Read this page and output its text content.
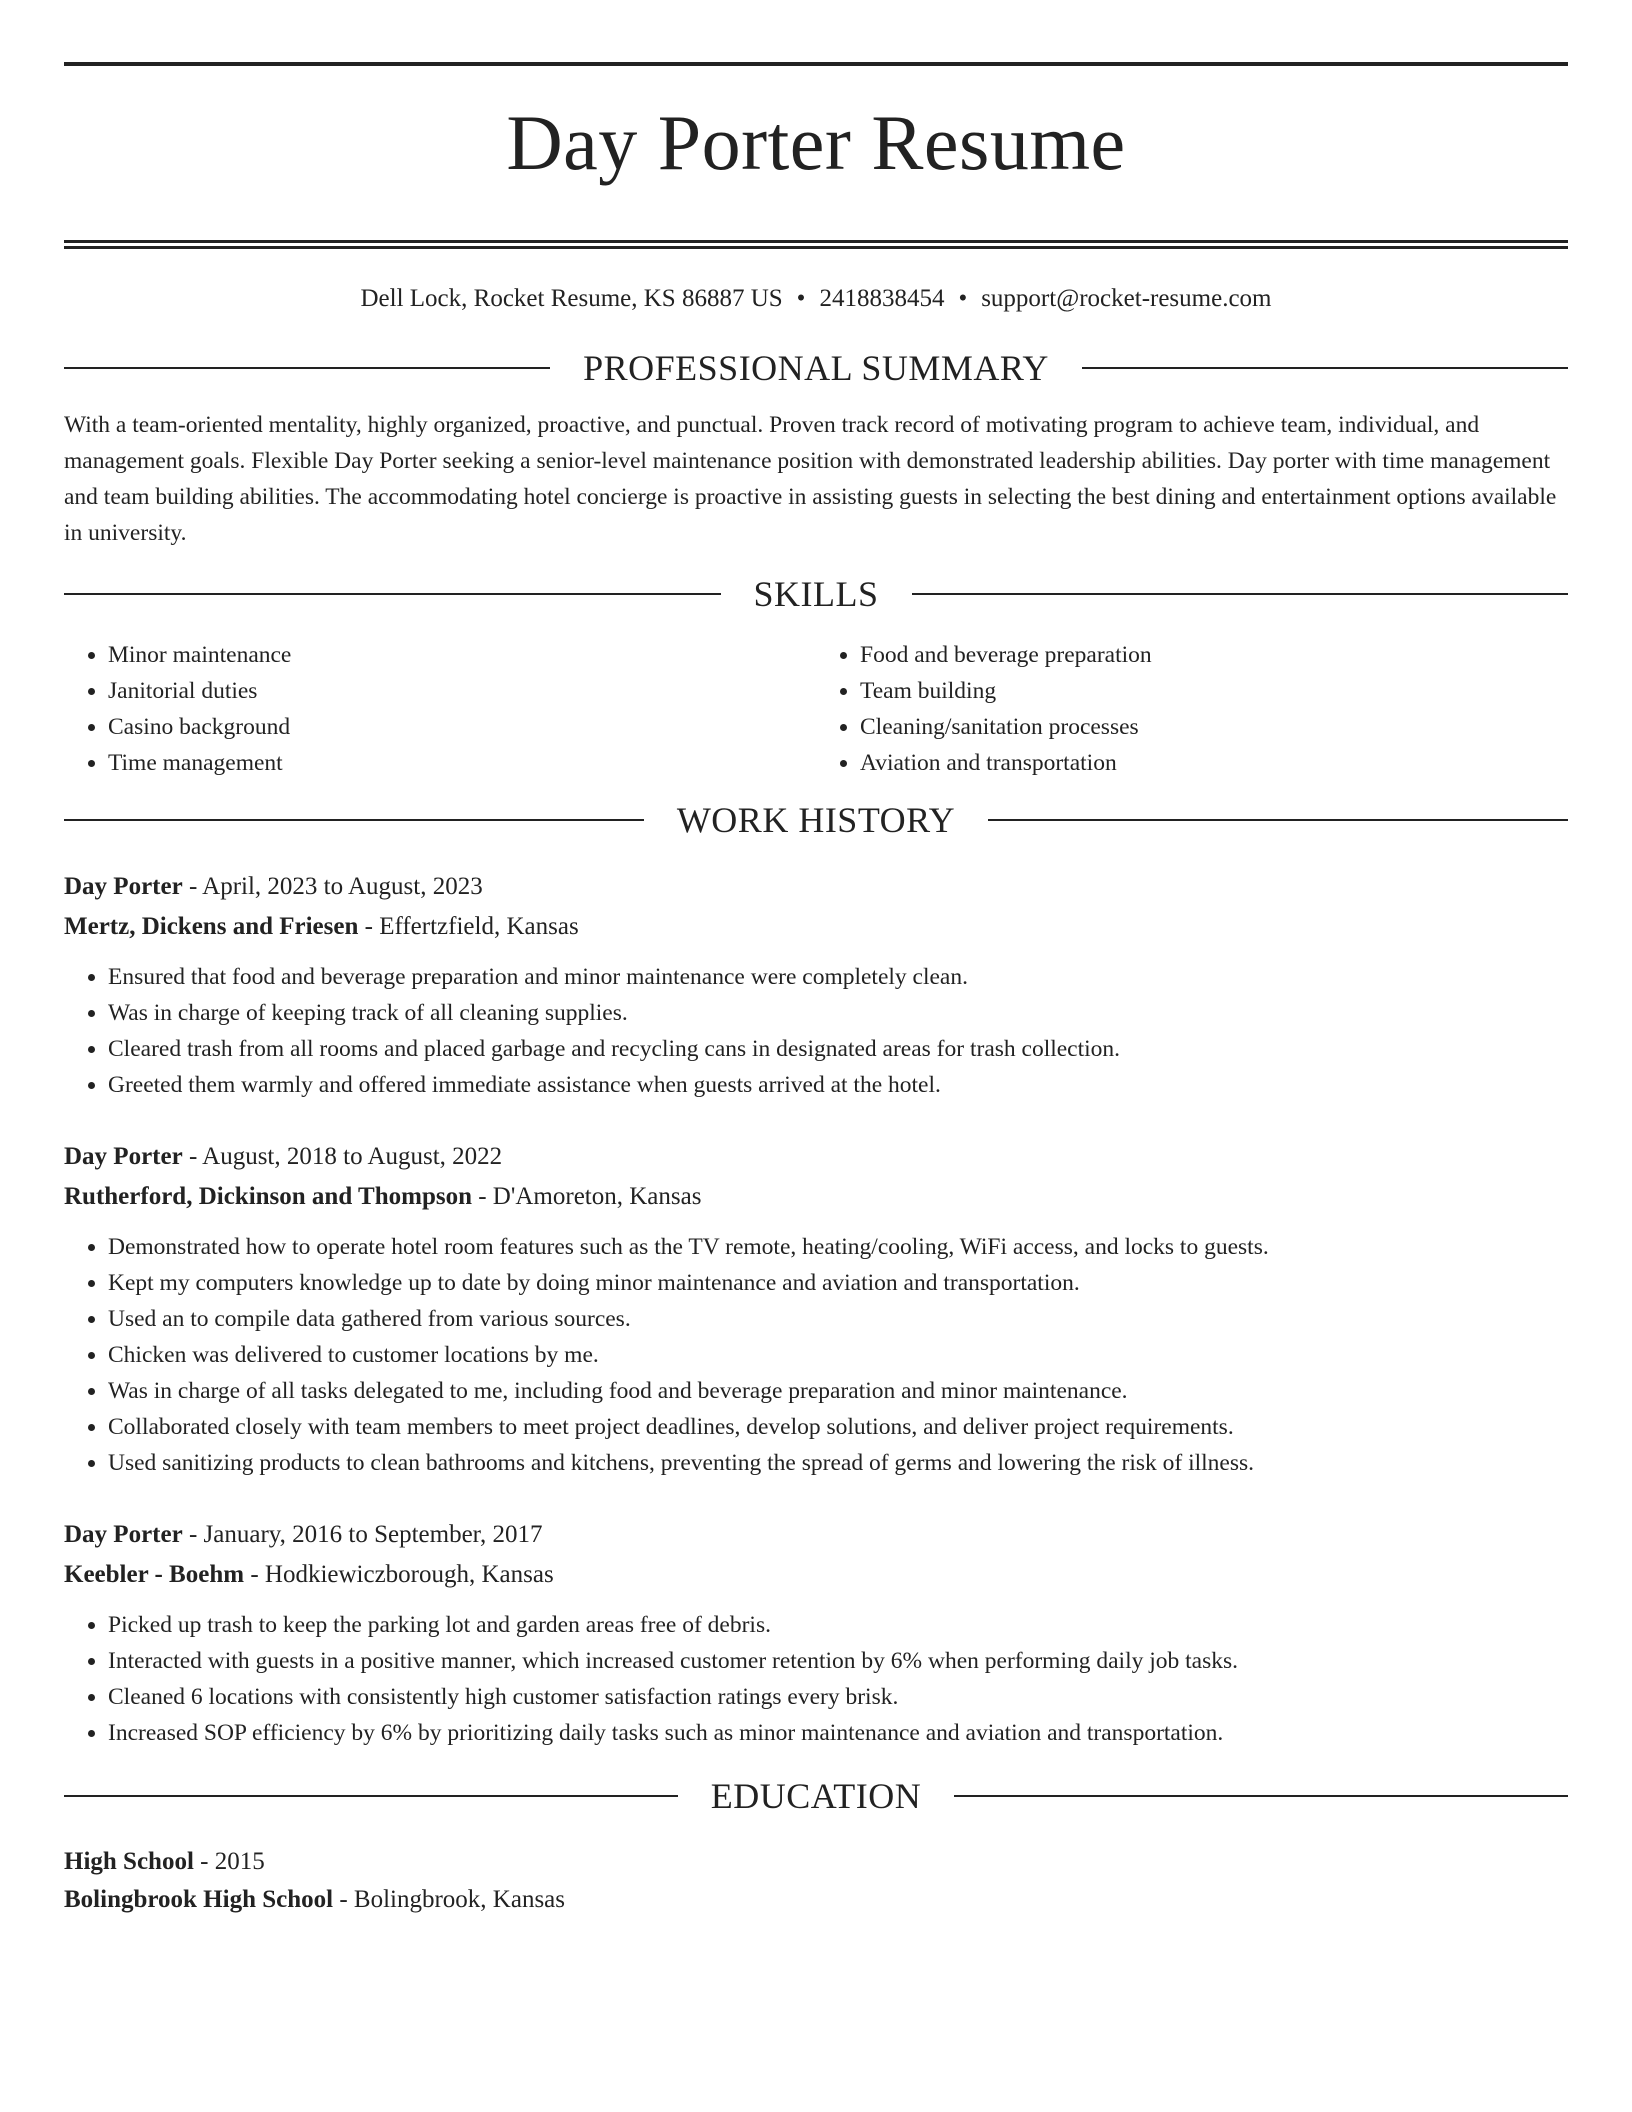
Day Porter Resume
Dell Lock, Rocket Resume, KS 86887 US • 2418838454 • support@rocket-resume.com
PROFESSIONAL SUMMARY

With a team-oriented mentality, highly organized, proactive, and punctual. Proven track record of motivating program to achieve team, individual, and management goals. Flexible Day Porter seeking a senior-level maintenance position with demonstrated leadership abilities. Day porter with time management and team building abilities. The accommodating hotel concierge is proactive in assisting guests in selecting the best dining and entertainment options available in university.

SKILLS
• Minor maintenance
• Janitorial duties
• Casino background
• Time management
• Food and beverage preparation
• Team building
• Cleaning/sanitation processes
• Aviation and transportation
WORK HISTORY
Day Porter - April, 2023 to August, 2023
Mertz, Dickens and Friesen - Effertzfield, Kansas
• Ensured that food and beverage preparation and minor maintenance were completely clean.
• Was in charge of keeping track of all cleaning supplies.
• Cleared trash from all rooms and placed garbage and recycling cans in designated areas for trash collection.
• Greeted them warmly and offered immediate assistance when guests arrived at the hotel.
Day Porter - August, 2018 to August, 2022
Rutherford, Dickinson and Thompson - D'Amoreton, Kansas
• Demonstrated how to operate hotel room features such as the TV remote, heating/cooling, WiFi access, and locks to guests.
• Kept my computers knowledge up to date by doing minor maintenance and aviation and transportation.
• Used an to compile data gathered from various sources.
• Chicken was delivered to customer locations by me.
• Was in charge of all tasks delegated to me, including food and beverage preparation and minor maintenance.
• Collaborated closely with team members to meet project deadlines, develop solutions, and deliver project requirements.
• Used sanitizing products to clean bathrooms and kitchens, preventing the spread of germs and lowering the risk of illness.
Day Porter - January, 2016 to September, 2017
Keebler - Boehm - Hodkiewiczborough, Kansas
• Picked up trash to keep the parking lot and garden areas free of debris.
• Interacted with guests in a positive manner, which increased customer retention by 6% when performing daily job tasks.
• Cleaned 6 locations with consistently high customer satisfaction ratings every brisk.
• Increased SOP efficiency by 6% by prioritizing daily tasks such as minor maintenance and aviation and transportation.
EDUCATION
High School - 2015
Bolingbrook High School - Bolingbrook, Kansas
